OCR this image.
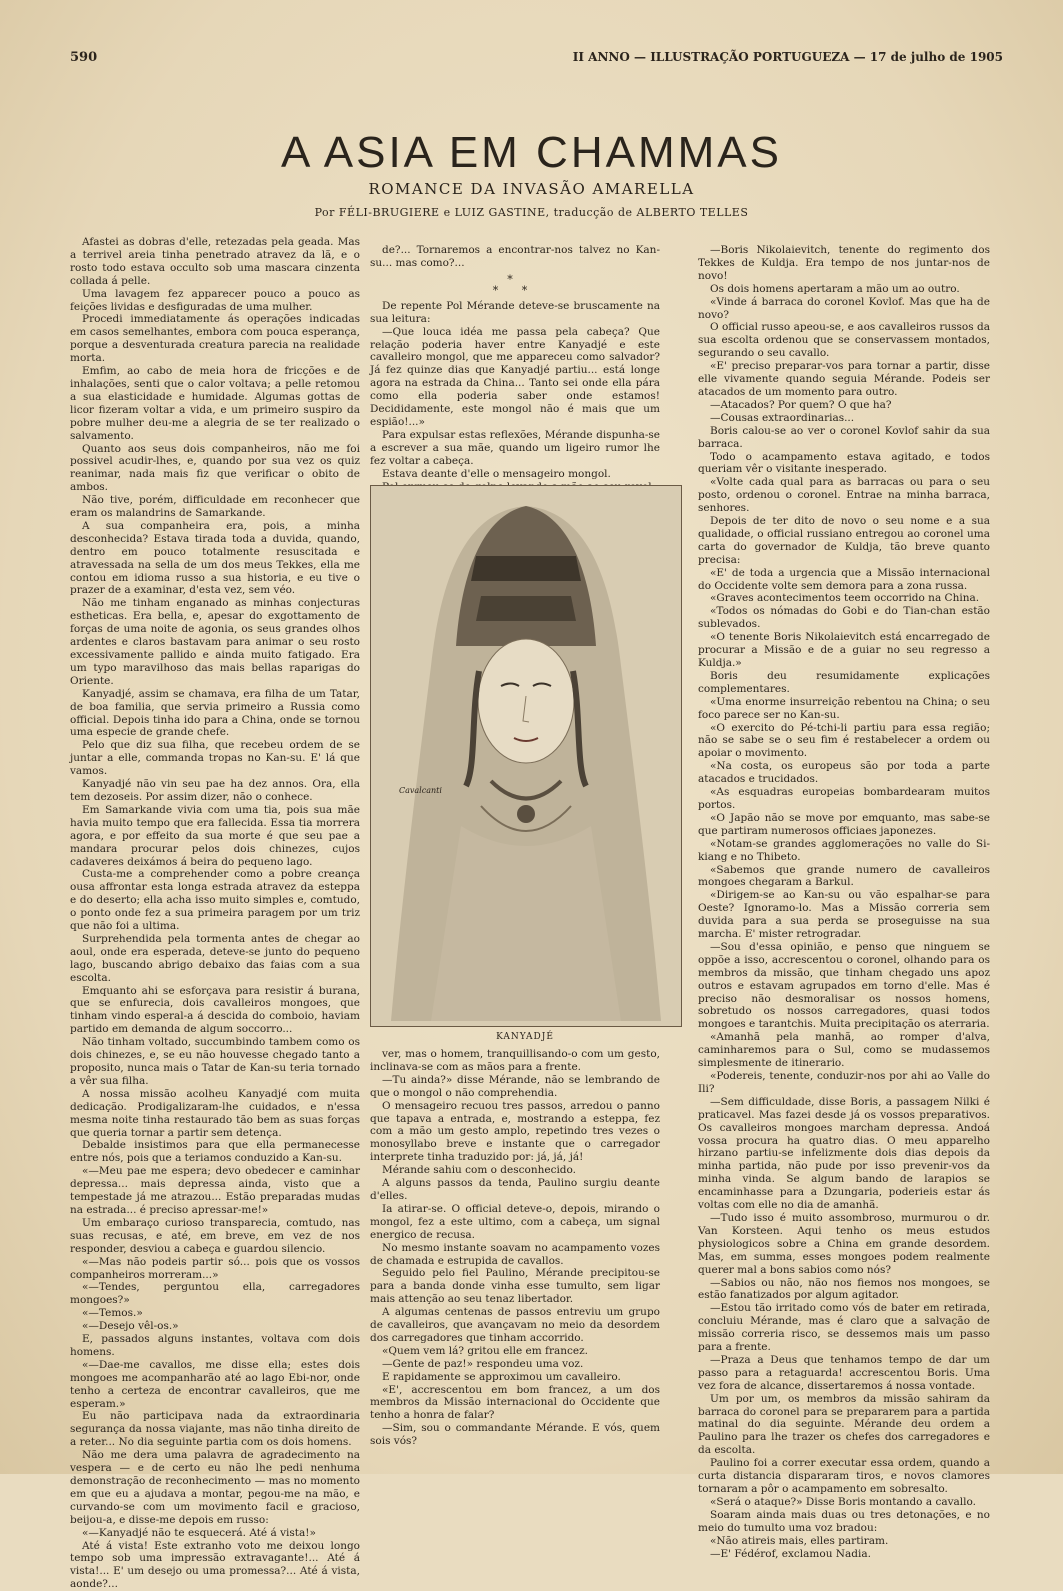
590	II ANNO — ILLUSTRAÇÃO PORTUGUEZA — 17 de julho de 1905
A ASIA EM CHAMMAS
ROMANCE DA INVASÃO AMARELLA
Por FÉLI-BRUGIERE e LUIZ GASTINE, traducção de ALBERTO TELLES

Afastei as dobras d'elle, retezadas pela geada. Mas a terrivel areia tinha penetrado atravez da lã, e o rosto todo estava occulto sob uma mascara cinzenta collada á pelle.

Uma lavagem fez apparecer pouco a pouco as feições lividas e desfiguradas de uma mulher.

Procedi immediatamente ás operações indicadas em casos semelhantes, embora com pouca esperança, porque a desventurada creatura parecia na realidade morta.

Emfim, ao cabo de meia hora de fricções e de inhalações, senti que o calor voltava; a pelle retomou a sua elasticidade e humidade. Algumas gottas de licor fizeram voltar a vida, e um primeiro suspiro da pobre mulher deu-me a alegria de se ter realizado o salvamento.

Quanto aos seus dois companheiros, não me foi possivel acudir-lhes, e, quando por sua vez os quiz reanimar, nada mais fiz que verificar o obito de ambos.

Não tive, porém, difficuldade em reconhecer que eram os malandrins de Samarkande.

A sua companheira era, pois, a minha desconhecida? Estava tirada toda a duvida, quando, dentro em pouco totalmente resuscitada e atravessada na sella de um dos meus Tekkes, ella me contou em idioma russo a sua historia, e eu tive o prazer de a examinar, d'esta vez, sem véo.

Não me tinham enganado as minhas conjecturas estheticas. Era bella, e, apesar do exgottamento de forças de uma noite de agonia, os seus grandes olhos ardentes e claros bastavam para animar o seu rosto excessivamente pallido e ainda muito fatigado. Era um typo maravilhoso das mais bellas raparigas do Oriente.

Kanyadjé, assim se chamava, era filha de um Tatar, de boa familia, que servia primeiro a Russia como official. Depois tinha ido para a China, onde se tornou uma especie de grande chefe.

Pelo que diz sua filha, que recebeu ordem de se juntar a elle, commanda tropas no Kan-su. E' lá que vamos.

Kanyadjé não vin seu pae ha dez annos. Ora, ella tem dezoseis. Por assim dizer, não o conhece.

Em Samarkande vivia com uma tia, pois sua mãe havia muito tempo que era fallecida. Essa tia morrera agora, e por effeito da sua morte é que seu pae a mandara procurar pelos dois chinezes, cujos cadaveres deixámos á beira do pequeno lago.

Custa-me a comprehender como a pobre creança ousa affrontar esta longa estrada atravez da esteppa e do deserto; ella acha isso muito simples e, comtudo, o ponto onde fez a sua primeira paragem por um triz que não foi a ultima.

Surprehendida pela tormenta antes de chegar ao aoul, onde era esperada, deteve-se junto do pequeno lago, buscando abrigo debaixo das faias com a sua escolta.

Emquanto ahi se esforçava para resistir á burana, que se enfurecia, dois cavalleiros mongoes, que tinham vindo esperal-a á descida do comboio, haviam partido em demanda de algum soccorro...

Não tinham voltado, succumbindo tambem como os dois chinezes, e, se eu não houvesse chegado tanto a proposito, nunca mais o Tatar de Kan-su teria tornado a vêr sua filha.

A nossa missão acolheu Kanyadjé com muita dedicação. Prodigalizaram-lhe cuidados, e n'essa mesma noite tinha restaurado tão bem as suas forças que queria tornar a partir sem detença.

Debalde insistimos para que ella permanecesse entre nós, pois que a teriamos conduzido a Kan-su.

«—Meu pae me espera; devo obedecer e caminhar depressa... mais depressa ainda, visto que a tempestade já me atrazou... Estão preparadas mudas na estrada... é preciso apressar-me!»

Um embaraço curioso transparecia, comtudo, nas suas recusas, e até, em breve, em vez de nos responder, desviou a cabeça e guardou silencio.

«—Mas não podeis partir só... pois que os vossos companheiros morreram...»

«—Tendes, perguntou ella, carregadores mongoes?»

«—Temos.»

«—Desejo vêl-os.»

E, passados alguns instantes, voltava com dois homens.

«—Dae-me cavallos, me disse ella; estes dois mongoes me acompanharão até ao lago Ebi-nor, onde tenho a certeza de encontrar cavalleiros, que me esperam.»

Eu não participava nada da extraordinaria segurança da nossa viajante, mas não tinha direito de a reter... No dia seguinte partia com os dois homens.

Não me dera uma palavra de agradecimento na vespera — e de certo eu não lhe pedi nenhuma demonstração de reconhecimento — mas no momento em que eu a ajudava a montar, pegou-me na mão, e curvando-se com um movimento facil e gracioso, beijou-a, e disse-me depois em russo:

«—Kanyadjé não te esquecerá. Até á vista!»

Até á vista! Este extranho voto me deixou longo tempo sob uma impressão extravagante!... Até á vista!... E' um desejo ou uma promessa?... Até á vista, aonde?...

de?... Tornaremos a encontrar-nos talvez no Kan-su... mas como?...

*
* *

De repente Pol Mérande deteve-se bruscamente na sua leitura:

—Que louca idéa me passa pela cabeça? Que relação poderia haver entre Kanyadjé e este cavalleiro mongol, que me appareceu como salvador? Já fez quinze dias que Kanyadjé partiu... está longe agora na estrada da China... Tanto sei onde ella pára como ella poderia saber onde estamos! Decididamente, este mongol não é mais que um espião!...»

Para expulsar estas reflexões, Mérande dispunha-se a escrever a sua mãe, quando um ligeiro rumor lhe fez voltar a cabeça.

Estava deante d'elle o mensageiro mongol.

Cavalcanti
KANYADJÉ

ver, mas o homem, tranquillisando-o com um gesto, inclinava-se com as mãos para a frente.

—Tu ainda?» disse Mérande, não se lembrando de que o mongol o não comprehendia.

O mensageiro recuou tres passos, arredou o panno que tapava a entrada, e, mostrando a esteppa, fez com a mão um gesto amplo, repetindo tres vezes o monosyllabo breve e instante que o carregador interprete tinha traduzido por: já, já, já!

Mérande sahiu com o desconhecido.

A alguns passos da tenda, Paulino surgiu deante d'elles.

Ia atirar-se. O official deteve-o, depois, mirando o mongol, fez a este ultimo, com a cabeça, um signal energico de recusa.

No mesmo instante soavam no acampamento vozes de chamada e estrupida de cavallos.

Seguido pelo fiel Paulino, Mérande precipitou-se para a banda donde vinha esse tumulto, sem ligar mais attenção ao seu tenaz libertador.

A algumas centenas de passos entreviu um grupo de cavalleiros, que avançavam no meio da desordem dos carregadores que tinham accorrido.

«Quem vem lá? gritou elle em francez.

—Gente de paz!» respondeu uma voz.

E rapidamente se approximou um cavalleiro.

«E', accrescentou em bom francez, a um dos membros da Missão internacional do Occidente que tenho a honra de falar?

—Sim, sou o commandante Mérande. E vós, quem sois vós?

—Boris Nikolaievitch, tenente do regimento dos Tekkes de Kuldja. Era tempo de nos juntar-nos de novo!

Os dois homens apertaram a mão um ao outro.

«Vinde á barraca do coronel Kovlof. Mas que ha de novo?

O official russo apeou-se, e aos cavalleiros russos da sua escolta ordenou que se conservassem montados, segurando o seu cavallo.

«E' preciso preparar-vos para tornar a partir, disse elle vivamente quando seguia Mérande. Podeis ser atacados de um momento para outro.

—Atacados? Por quem? O que ha?

—Cousas extraordinarias...

Boris calou-se ao ver o coronel Kovlof sahir da sua barraca.

Todo o acampamento estava agitado, e todos queriam vêr o visitante inesperado.

«Volte cada qual para as barracas ou para o seu posto, ordenou o coronel. Entrae na minha barraca, senhores.

Depois de ter dito de novo o seu nome e a sua qualidade, o official russiano entregou ao coronel uma carta do governador de Kuldja, tão breve quanto precisa:

«E' de toda a urgencia que a Missão internacional do Occidente volte sem demora para a zona russa.

«Graves acontecimentos teem occorrido na China.

«Todos os nómadas do Gobi e do Tian-chan estão sublevados.

«O tenente Boris Nikolaievitch está encarregado de procurar a Missão e de a guiar no seu regresso a Kuldja.»

Boris deu resumidamente explicações complementares.

«Uma enorme insurreição rebentou na China; o seu foco parece ser no Kan-su.

«O exercito do Pé-tchi-li partiu para essa região; não se sabe se o seu fim é restabelecer a ordem ou apoiar o movimento.

«Na costa, os europeus são por toda a parte atacados e trucidados.

«As esquadras europeias bombardearam muitos portos.

«O Japão não se move por emquanto, mas sabe-se que partiram numerosos officiaes japonezes.

«Notam-se grandes agglomerações no valle do Si-kiang e no Thibeto.

«Sabemos que grande numero de cavalleiros mongoes chegaram a Barkul.

«Dirigem-se ao Kan-su ou vão espalhar-se para Oeste? Ignoramo-lo. Mas a Missão correria sem duvida para a sua perda se proseguisse na sua marcha. E' mister retrogradar.

—Sou d'essa opinião, e penso que ninguem se oppõe a isso, accrescentou o coronel, olhando para os membros da missão, que tinham chegado uns apoz outros e estavam agrupados em torno d'elle. Mas é preciso não desmoralisar os nossos homens, sobretudo os nossos carregadores, quasi todos mongoes e tarantchis. Muita precipitação os aterraria.

«Amanhã pela manhã, ao romper d'alva, caminharemos para o Sul, como se mudassemos simplesmente de itinerario.

«Podereis, tenente, conduzir-nos por ahi ao Valle do Ili?

—Sem difficuldade, disse Boris, a passagem Nilki é praticavel. Mas fazei desde já os vossos preparativos. Os cavalleiros mongoes marcham depressa. Andoá vossa procura ha quatro dias. O meu apparelho hirzano partiu-se infelizmente dois dias depois da minha partida, não pude por isso prevenir-vos da minha vinda. Se algum bando de larapios se encaminhasse para a Dzungaria, poderieis estar ás voltas com elle no dia de amanhã.

—Tudo isso é muito assombroso, murmurou o dr. Van Korsteen. Aqui tenho os meus estudos physiologicos sobre a China em grande desordem. Mas, em summa, esses mongoes podem realmente querer mal a bons sabios como nós?

—Sabios ou não, não nos fiemos nos mongoes, se estão fanatizados por algum agitador.

—Estou tão irritado como vós de bater em retirada, concluiu Mérande, mas é claro que a salvação de missão correria risco, se dessemos mais um passo para a frente.

—Praza a Deus que tenhamos tempo de dar um passo para a retaguarda! accrescentou Boris. Uma vez fora de alcance, dissertaremos á nossa vontade.

Um por um, os membros da missão sahiram da barraca do coronel para se prepararem para a partida matinal do dia seguinte. Mérande deu ordem a Paulino para lhe trazer os chefes dos carregadores e da escolta.

Paulino foi a correr executar essa ordem, quando a curta distancia dispararam tiros, e novos clamores tornaram a pôr o acampamento em sobresalto.

«Será o ataque?» Disse Boris montando a cavallo.

Soaram ainda mais duas ou tres detonações, e no meio do tumulto uma voz bradou:

«Não atireis mais, elles partiram.

—E' Fédérof, exclamou Nadia.
